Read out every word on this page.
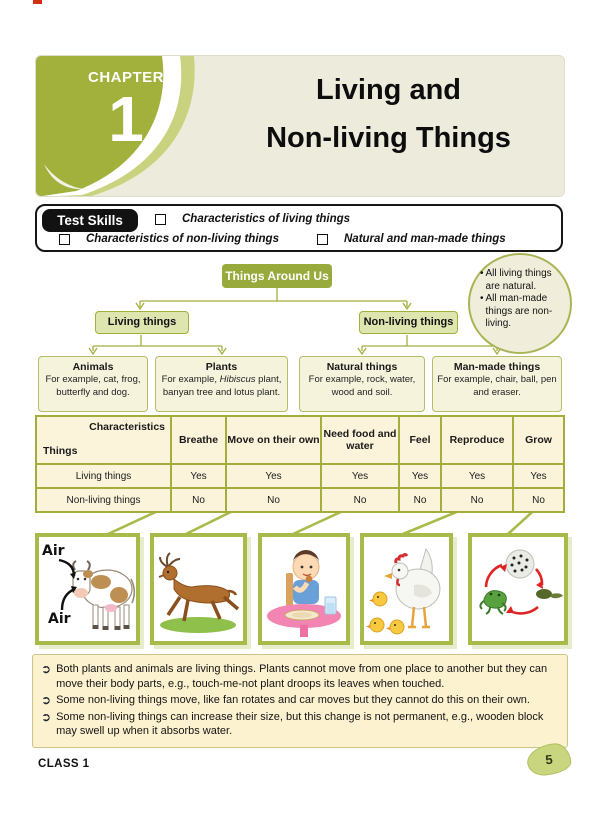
CHAPTER
1	Living and
Non-living Things
Test Skills	Characteristics of living things
Characteristics of non-living things	Natural and man-made things
Things Around Us
Living things	Non-living things
Animals
For example, cat, frog, butterfly and dog.
Plants
For example, Hibiscus plant, banyan tree and lotus plant.
Natural things
For example, rock, water, wood and soil.
Man-made things
For example, chair, ball, pen and eraser.
• All living things are natural.
• All man-made things are non-living.
Characteristics
Things	Breathe	Move on their own	Need food and water	Feel	Reproduce	Grow
Living things	Yes	Yes	Yes	Yes	Yes	Yes
Non-living things	No	No	No	No	No	No
Air
Air
➲ Both plants and animals are living things. Plants cannot move from one place to another but they can move their body parts, e.g., touch-me-not plant droops its leaves when touched.
➲ Some non-living things move, like fan rotates and car moves but they cannot do this on their own.
➲ Some non-living things can increase their size, but this change is not permanent, e.g., wooden block may swell up when it absorbs water.
CLASS 1	5
